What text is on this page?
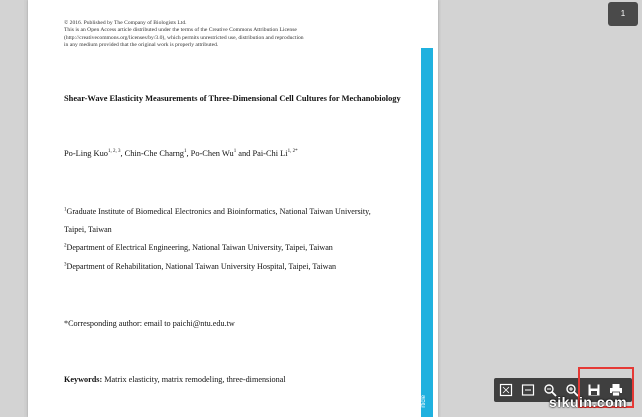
© 2016. Published by The Company of Biologists Ltd.
This is an Open Access article distributed under the terms of the Creative Commons Attribution License
(http://creativecommons.org/licenses/by/3.0), which permits unrestricted use, distribution and reproduction
in any medium provided that the original work is properly attributed.
Shear-Wave Elasticity Measurements of Three-Dimensional Cell Cultures for Mechanobiology
Po-Ling Kuo$^{1, 2, 3}$, Chin-Che Charng$^1$, Po-Chen Wu$^1$ and Pai-Chi $Li^{1, 2*}$
$^1$Graduate Institute of Biomedical Electronics and Bioinformatics, National Taiwan University,
Taipei, Taiwan
$^2$Department of Electrical Engineering, National Taiwan University, Taipei, Taiwan
$^3$Department of Rehabilitation, National Taiwan University Hospital, Taipei, Taiwan
*Corresponding author: email to paichi@ntu.edu.tw
Keywords: Matrix elasticity, matrix remodeling, three-dimensional
rticle
1
sikuin.com
